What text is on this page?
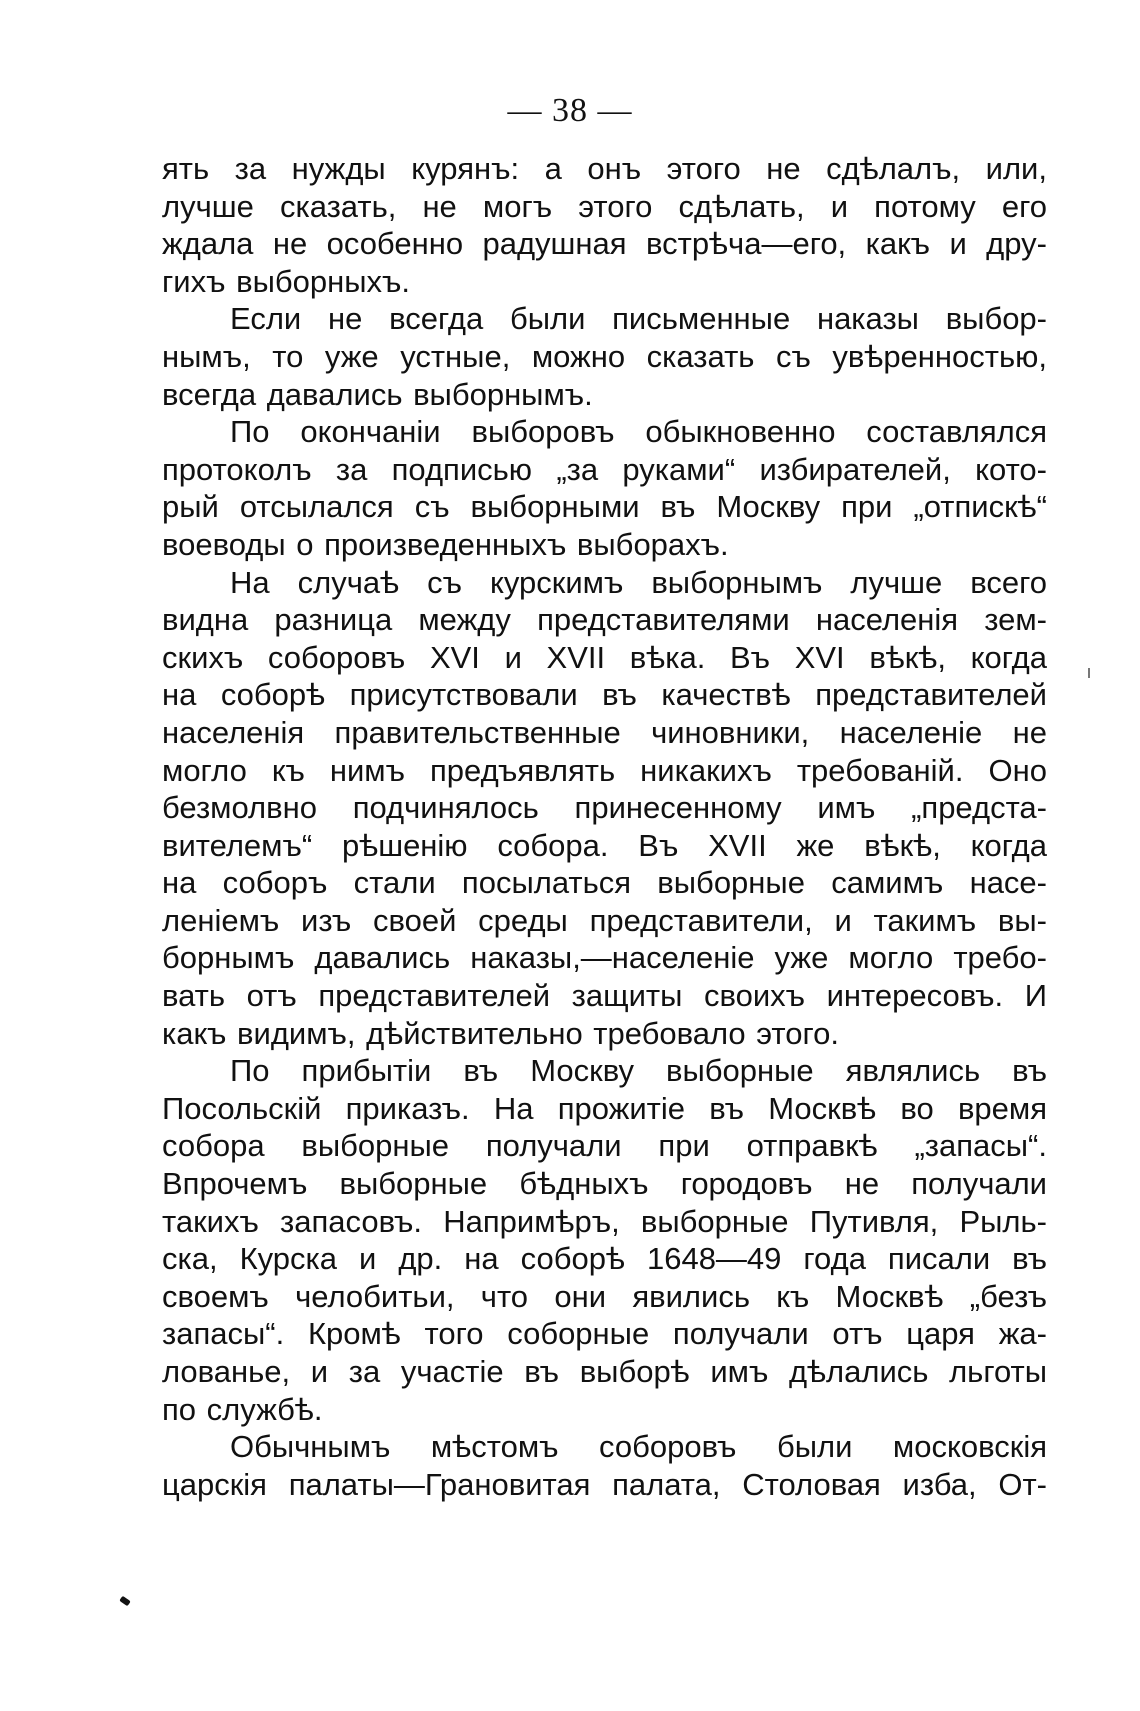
— 38 —
ять за нужды курянъ: а онъ этого не сдѣлалъ, или,
лучше сказать, не могъ этого сдѣлать, и потому его
ждала не особенно радушная встрѣча—его, какъ и дру-
гихъ выборныхъ.
Если не всегда были письменные наказы выбор-
нымъ, то уже устные, можно сказать съ увѣренностью,
всегда давались выборнымъ.
По окончанiи выборовъ обыкновенно составлялся
протоколъ за подписью „за руками“ избирателей, кото-
рый отсылался съ выборными въ Москву при „отпискѣ“
воеводы о произведенныхъ выборахъ.
На случаѣ съ курскимъ выборнымъ лучше всего
видна разница между представителями населенiя зем-
скихъ соборовъ XVI и XVII вѣка. Въ XVI вѣкѣ, когда
на соборѣ присутствовали въ качествѣ представителей
населенiя правительственные чиновники, населенiе не
могло къ нимъ предъявлять никакихъ требованiй. Оно
безмолвно подчинялось принесенному имъ „предста-
вителемъ“ рѣшенiю собора. Въ XVII же вѣкѣ, когда
на соборъ стали посылаться выборные самимъ насе-
ленiемъ изъ своей среды представители, и такимъ вы-
борнымъ давались наказы,—населенiе уже могло требо-
вать отъ представителей защиты своихъ интересовъ. И
какъ видимъ, дѣйствительно требовало этого.
По прибытiи въ Москву выборные являлись въ
Посольскiй приказъ. На прожитiе въ Москвѣ во время
собора выборные получали при отправкѣ „запасы“.
Впрочемъ выборные бѣдныхъ городовъ не получали
такихъ запасовъ. Напримѣръ, выборные Путивля, Рыль-
ска, Курска и др. на соборѣ 1648—49 года писали въ
своемъ челобитьи, что они явились къ Москвѣ „безъ
запасы“. Кромѣ того соборные получали отъ царя жа-
лованье, и за участiе въ выборѣ имъ дѣлались льготы
по службѣ.
Обычнымъ мѣстомъ соборовъ были московскiя
царскiя палаты—Грановитая палата, Столовая изба, От-
